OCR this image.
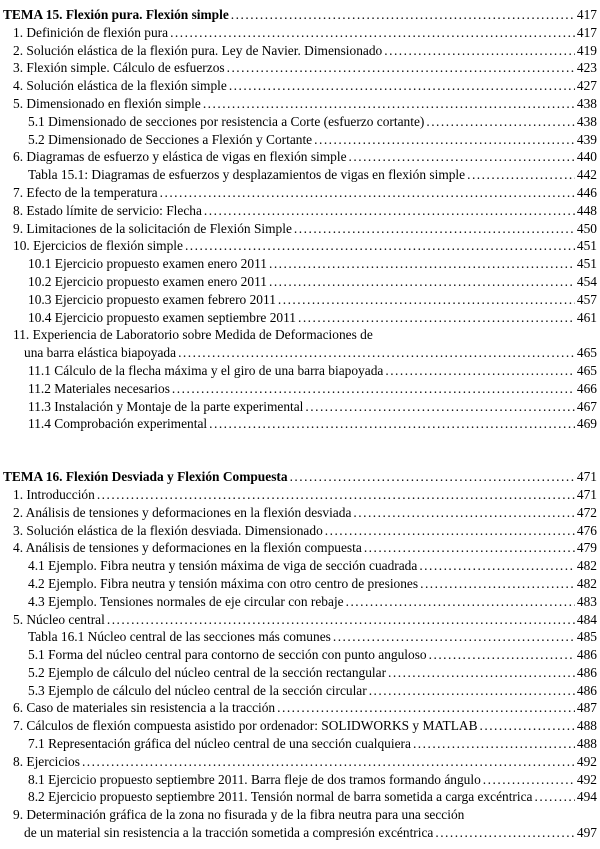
TEMA 15. Flexión pura. Flexión simple .....	417
1. Definición de flexión pura .....	417
2. Solución elástica de la flexión pura. Ley de Navier. Dimensionado .....	419
3. Flexión simple. Cálculo de esfuerzos .....	423
4. Solución elástica de la flexión simple .....	427
5. Dimensionado en flexión simple .....	438
5.1 Dimensionado de secciones por resistencia a Corte (esfuerzo cortante) .....	438
5.2 Dimensionado de Secciones a Flexión y Cortante .....	439
6. Diagramas de esfuerzo y elástica de vigas en flexión simple .....	440
Tabla 15.1: Diagramas de esfuerzos y desplazamientos de vigas en flexión simple .....	442
7. Efecto de la temperatura .....	446
8. Estado límite de servicio: Flecha .....	448
9. Limitaciones de la solicitación de Flexión Simple .....	450
10. Ejercicios de flexión simple .....	451
10.1 Ejercicio propuesto examen enero 2011 .....	451
10.2 Ejercicio propuesto examen enero 2011 .....	454
10.3 Ejercicio propuesto examen febrero 2011 .....	457
10.4 Ejercicio propuesto examen septiembre 2011 .....	461
11. Experiencia de Laboratorio sobre Medida de Deformaciones de
una barra elástica biapoyada .....	465
11.1 Cálculo de la flecha máxima y el giro de una barra biapoyada .....	465
11.2 Materiales necesarios .....	466
11.3 Instalación y Montaje de la parte experimental .....	467
11.4 Comprobación experimental .....	469
TEMA 16. Flexión Desviada y Flexión Compuesta .....	471
1. Introducción .....	471
2. Análisis de tensiones y deformaciones en la flexión desviada .....	472
3. Solución elástica de la flexión desviada. Dimensionado .....	476
4. Análisis de tensiones y deformaciones en la flexión compuesta .....	479
4.1 Ejemplo. Fibra neutra y tensión máxima de viga de sección cuadrada .....	482
4.2 Ejemplo. Fibra neutra y tensión máxima con otro centro de presiones .....	482
4.3 Ejemplo. Tensiones normales de eje circular con rebaje .....	483
5. Núcleo central .....	484
Tabla 16.1 Núcleo central de las secciones más comunes .....	485
5.1 Forma del núcleo central para contorno de sección con punto anguloso .....	486
5.2 Ejemplo de cálculo del núcleo central de la sección rectangular .....	486
5.3 Ejemplo de cálculo del núcleo central de la sección circular .....	486
6. Caso de materiales sin resistencia a la tracción .....	487
7. Cálculos de flexión compuesta asistido por ordenador: SOLIDWORKS y MATLAB .....	488
7.1 Representación gráfica del núcleo central de una sección cualquiera .....	488
8. Ejercicios .....	492
8.1 Ejercicio propuesto septiembre 2011. Barra fleje de dos tramos formando ángulo .....	492
8.2 Ejercicio propuesto septiembre 2011. Tensión normal de barra sometida a carga excéntrica .....	494
9. Determinación gráfica de la zona no fisurada y de la fibra neutra para una sección
de un material sin resistencia a la tracción sometida a compresión excéntrica .....	497
